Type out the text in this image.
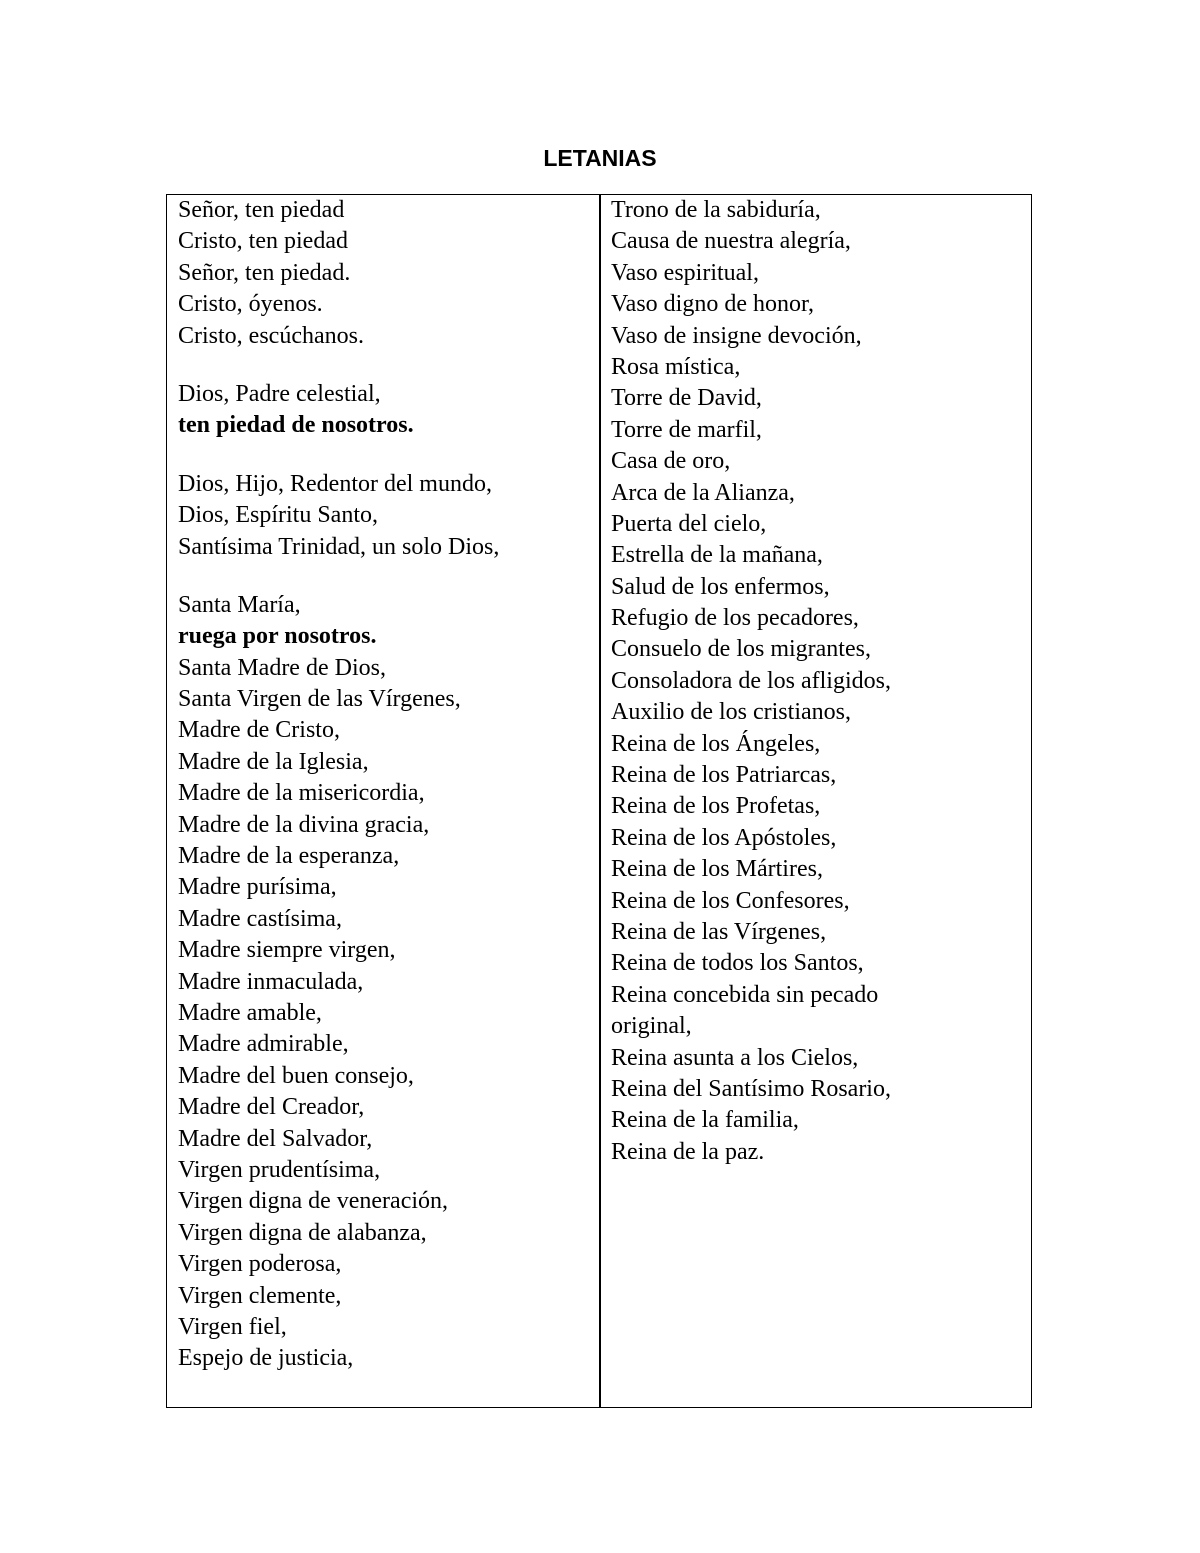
LETANIAS
Señor, ten piedad
Cristo, ten piedad
Señor, ten piedad.
Cristo, óyenos.
Cristo, escúchanos.
Dios, Padre celestial,
ten piedad de nosotros.
Dios, Hijo, Redentor del mundo,
Dios, Espíritu Santo,
Santísima Trinidad, un solo Dios,
Santa María,
ruega por nosotros.
Santa Madre de Dios,
Santa Virgen de las Vírgenes,
Madre de Cristo,
Madre de la Iglesia,
Madre de la misericordia,
Madre de la divina gracia,
Madre de la esperanza,
Madre purísima,
Madre castísima,
Madre siempre virgen,
Madre inmaculada,
Madre amable,
Madre admirable,
Madre del buen consejo,
Madre del Creador,
Madre del Salvador,
Virgen prudentísima,
Virgen digna de veneración,
Virgen digna de alabanza,
Virgen poderosa,
Virgen clemente,
Virgen fiel,
Espejo de justicia,
Trono de la sabiduría,
Causa de nuestra alegría,
Vaso espiritual,
Vaso digno de honor,
Vaso de insigne devoción,
Rosa mística,
Torre de David,
Torre de marfil,
Casa de oro,
Arca de la Alianza,
Puerta del cielo,
Estrella de la mañana,
Salud de los enfermos,
Refugio de los pecadores,
Consuelo de los migrantes,
Consoladora de los afligidos,
Auxilio de los cristianos,
Reina de los Ángeles,
Reina de los Patriarcas,
Reina de los Profetas,
Reina de los Apóstoles,
Reina de los Mártires,
Reina de los Confesores,
Reina de las Vírgenes,
Reina de todos los Santos,
Reina concebida sin pecado
original,
Reina asunta a los Cielos,
Reina del Santísimo Rosario,
Reina de la familia,
Reina de la paz.
